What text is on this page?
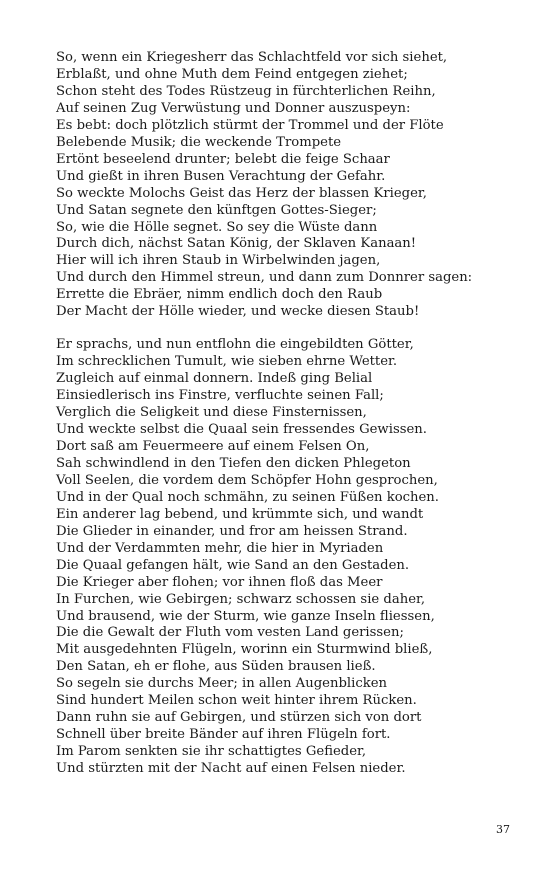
So, wenn ein Kriegesherr das Schlachtfeld vor sich siehet,
Erblaßt, und ohne Muth dem Feind entgegen ziehet;
Schon steht des Todes Rüstzeug in fürchterlichen Reihn,
Auf seinen Zug Verwüstung und Donner auszuspeyn:
Es bebt: doch plötzlich stürmt der Trommel und der Flöte
Belebende Musik; die weckende Trompete
Ertönt beseelend drunter; belebt die feige Schaar
Und gießt in ihren Busen Verachtung der Gefahr.
So weckte Molochs Geist das Herz der blassen Krieger,
Und Satan segnete den künftgen Gottes-Sieger;
So, wie die Hölle segnet. So sey die Wüste dann
Durch dich, nächst Satan König, der Sklaven Kanaan!
Hier will ich ihren Staub in Wirbelwinden jagen,
Und durch den Himmel streun, und dann zum Donnrer sagen:
Errette die Ebräer, nimm endlich doch den Raub
Der Macht der Hölle wieder, und wecke diesen Staub!
Er sprachs, und nun entflohn die eingebildten Götter,
Im schrecklichen Tumult, wie sieben ehrne Wetter.
Zugleich auf einmal donnern. Indeß ging Belial
Einsiedlerisch ins Finstre, verfluchte seinen Fall;
Verglich die Seligkeit und diese Finsternissen,
Und weckte selbst die Quaal sein fressendes Gewissen.
Dort saß am Feuermeere auf einem Felsen On,
Sah schwindlend in den Tiefen den dicken Phlegeton
Voll Seelen, die vordem dem Schöpfer Hohn gesprochen,
Und in der Qual noch schmähn, zu seinen Füßen kochen.
Ein anderer lag bebend, und krümmte sich, und wandt
Die Glieder in einander, und fror am heissen Strand.
Und der Verdammten mehr, die hier in Myriaden
Die Quaal gefangen hält, wie Sand an den Gestaden.
Die Krieger aber flohen; vor ihnen floß das Meer
In Furchen, wie Gebirgen; schwarz schossen sie daher,
Und brausend, wie der Sturm, wie ganze Inseln fliessen,
Die die Gewalt der Fluth vom vesten Land gerissen;
Mit ausgedehnten Flügeln, worinn ein Sturmwind bließ,
Den Satan, eh er flohe, aus Süden brausen ließ.
So segeln sie durchs Meer; in allen Augenblicken
Sind hundert Meilen schon weit hinter ihrem Rücken.
Dann ruhn sie auf Gebirgen, und stürzen sich von dort
Schnell über breite Bänder auf ihren Flügeln fort.
Im Parom senkten sie ihr schattigtes Gefieder,
Und stürzten mit der Nacht auf einen Felsen nieder.
37
